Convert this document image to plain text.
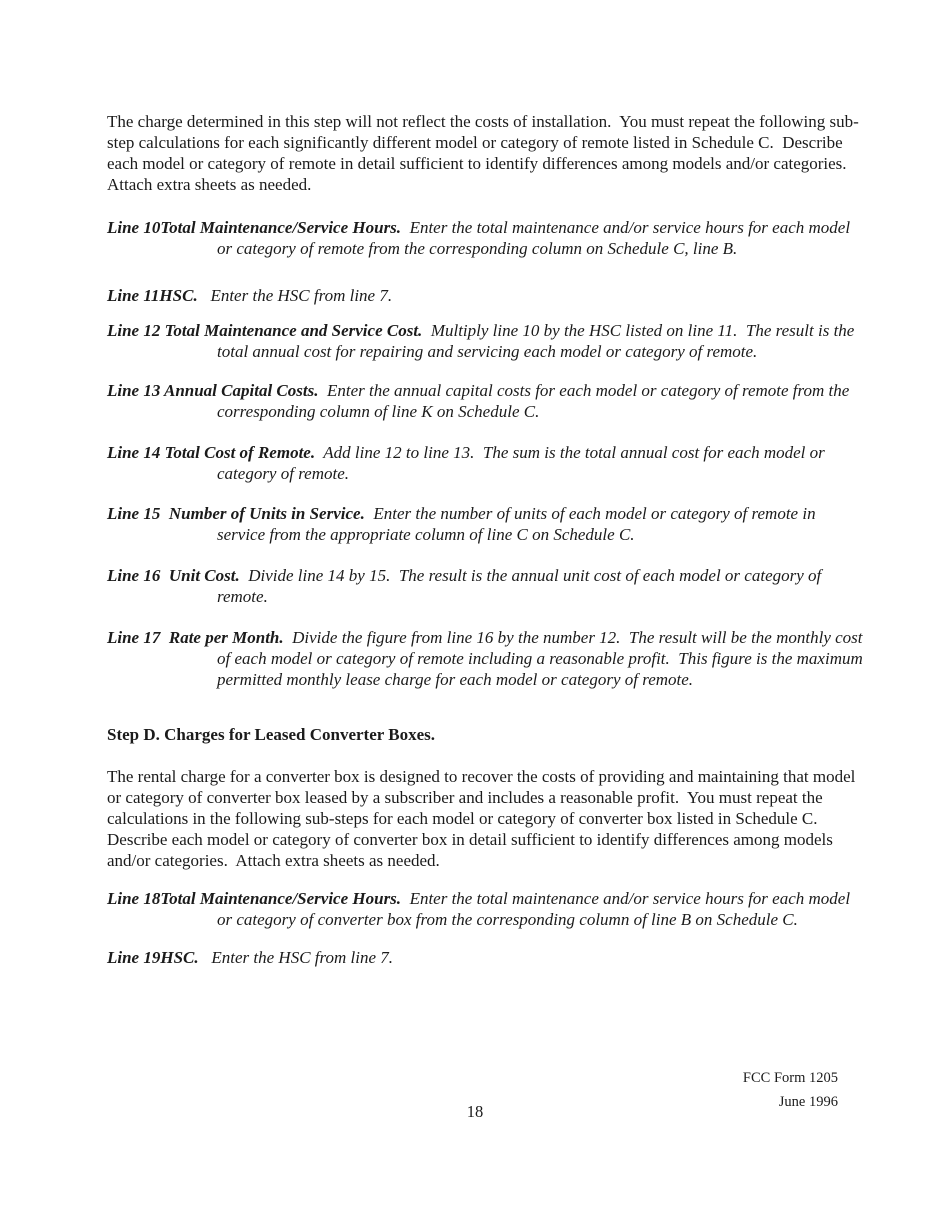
The charge determined in this step will not reflect the costs of installation.  You must repeat the following sub-step calculations for each significantly different model or category of remote listed in Schedule C.  Describe each model or category of remote in detail sufficient to identify differences among models and/or categories.  Attach extra sheets as needed.

Line 10Total Maintenance/Service Hours.  Enter the total maintenance and/or service hours for each model or category of remote from the corresponding column on Schedule C, line B.
Line 11HSC.   Enter the HSC from line 7.
Line 12 Total Maintenance and Service Cost.  Multiply line 10 by the HSC listed on line 11.  The result is the total annual cost for repairing and servicing each model or category of remote.
Line 13 Annual Capital Costs.  Enter the annual capital costs for each model or category of remote from the corresponding column of line K on Schedule C.
Line 14 Total Cost of Remote.  Add line 12 to line 13.  The sum is the total annual cost for each model or category of remote.
Line 15  Number of Units in Service.  Enter the number of units of each model or category of remote in service from the appropriate column of line C on Schedule C.
Line 16  Unit Cost.  Divide line 14 by 15.  The result is the annual unit cost of each model or category of remote.
Line 17  Rate per Month.  Divide the figure from line 16 by the number 12.  The result will be the monthly cost of each model or category of remote including a reasonable profit.  This figure is the maximum permitted monthly lease charge for each model or category of remote.

Step D. Charges for Leased Converter Boxes.

The rental charge for a converter box is designed to recover the costs of providing and maintaining that model or category of converter box leased by a subscriber and includes a reasonable profit.  You must repeat the calculations in the following sub-steps for each model or category of converter box listed in Schedule C.  Describe each model or category of converter box in detail sufficient to identify differences among models and/or categories.  Attach extra sheets as needed.

Line 18Total Maintenance/Service Hours.  Enter the total maintenance and/or service hours for each model or category of converter box from the corresponding column of line B on Schedule C.
Line 19HSC.   Enter the HSC from line 7.
FCC Form 1205
June 1996
18
